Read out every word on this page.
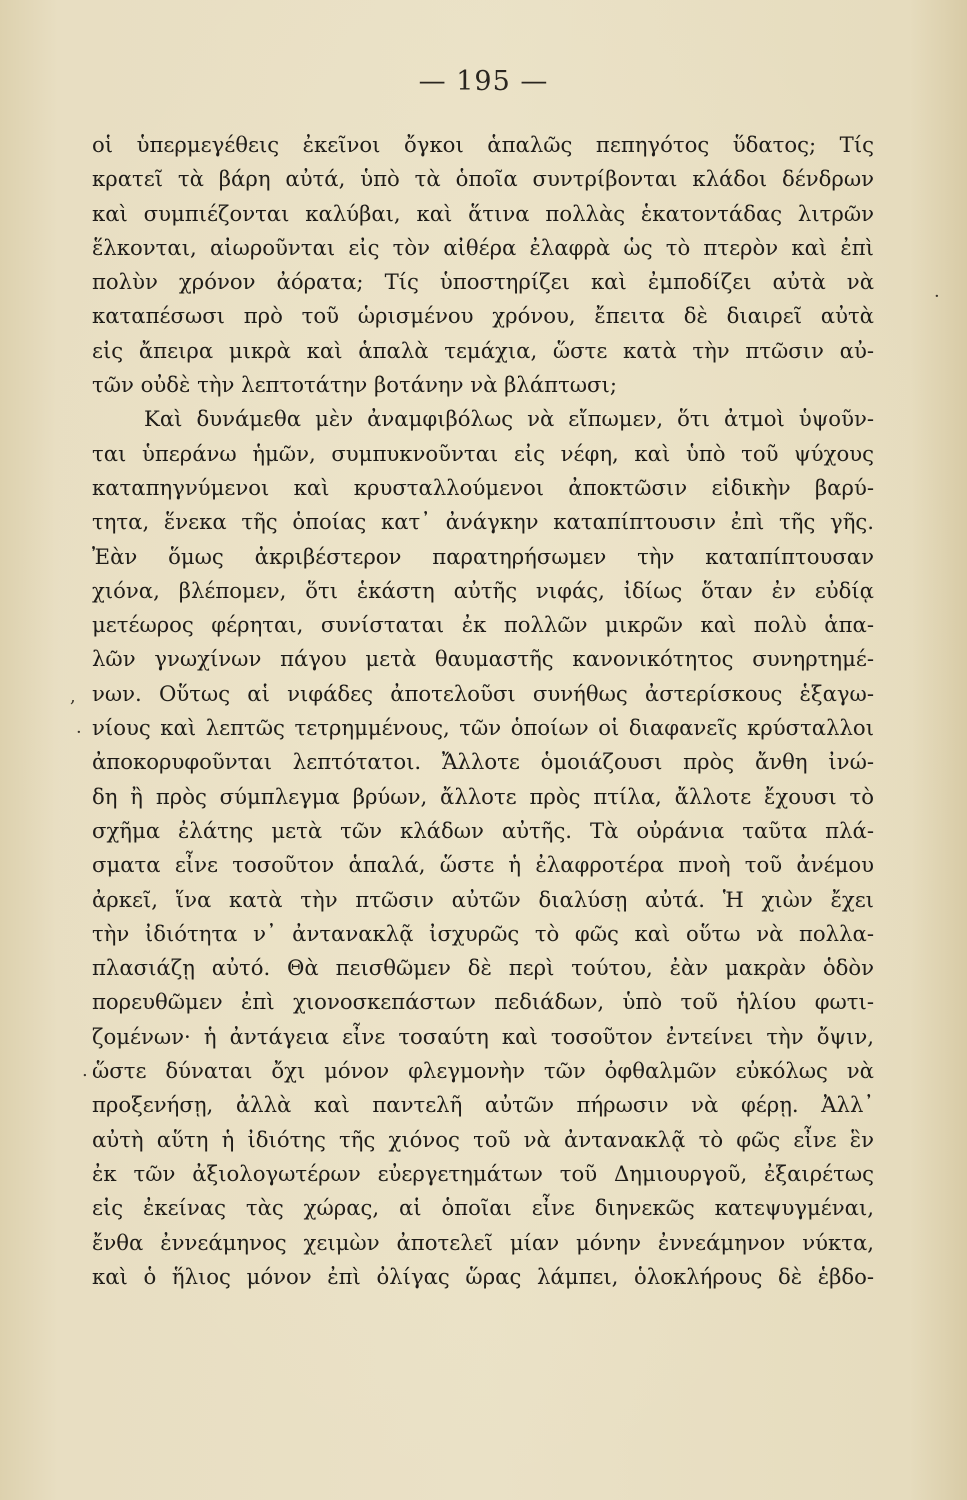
— 195 —
οἱ ὑπερμεγέθεις ἐκεῖνοι ὄγκοι ἁπαλῶς πεπηγότος ὕδατος; Τίς
κρατεῖ τὰ βάρη αὐτά, ὑπὸ τὰ ὁποῖα συντρίβονται κλάδοι δένδρων
καὶ συμπιέζονται καλύβαι, καὶ ἅτινα πολλὰς ἑκατοντάδας λιτρῶν
ἕλκονται, αἰωροῦνται εἰς τὸν αἰθέρα ἐλαφρὰ ὡς τὸ πτερὸν καὶ ἐπὶ
πολὺν χρόνον ἀόρατα; Τίς ὑποστηρίζει καὶ ἐμποδίζει αὐτὰ νὰ
καταπέσωσι πρὸ τοῦ ὡρισμένου χρόνου, ἔπειτα δὲ διαιρεῖ αὐτὰ
εἰς ἄπειρα μικρὰ καὶ ἁπαλὰ τεμάχια, ὥστε κατὰ τὴν πτῶσιν αὐ-
τῶν οὐδὲ τὴν λεπτοτάτην βοτάνην νὰ βλάπτωσι;
Καὶ δυνάμεθα μὲν ἀναμφιβόλως νὰ εἴπωμεν, ὅτι ἀτμοὶ ὑψοῦν-
ται ὑπεράνω ἡμῶν, συμπυκνοῦνται εἰς νέφη, καὶ ὑπὸ τοῦ ψύχους
καταπηγνύμενοι καὶ κρυσταλλούμενοι ἀποκτῶσιν εἰδικὴν βαρύ-
τητα, ἕνεκα τῆς ὁποίας κατ᾽ ἀνάγκην καταπίπτουσιν ἐπὶ τῆς γῆς.
Ἐὰν ὅμως ἀκριβέστερον παρατηρήσωμεν τὴν καταπίπτουσαν
χιόνα, βλέπομεν, ὅτι ἑκάστη αὐτῆς νιφάς, ἰδίως ὅταν ἐν εὐδίᾳ
μετέωρος φέρηται, συνίσταται ἐκ πολλῶν μικρῶν καὶ πολὺ ἁπα-
λῶν γνωχίνων πάγου μετὰ θαυμαστῆς κανονικότητος συνηρτημέ-
νων. Οὕτως αἱ νιφάδες ἀποτελοῦσι συνήθως ἀστερίσκους ἑξαγω-
νίους καὶ λεπτῶς τετρημμένους, τῶν ὁποίων οἱ διαφανεῖς κρύσταλλοι
ἀποκορυφοῦνται λεπτότατοι. Ἄλλοτε ὁμοιάζουσι πρὸς ἄνθη ἰνώ-
δη ἢ πρὸς σύμπλεγμα βρύων, ἄλλοτε πρὸς πτίλα, ἄλλοτε ἔχουσι τὸ
σχῆμα ἐλάτης μετὰ τῶν κλάδων αὐτῆς. Τὰ οὐράνια ταῦτα πλά-
σματα εἶνε τοσοῦτον ἁπαλά, ὥστε ἡ ἐλαφροτέρα πνοὴ τοῦ ἀνέμου
ἀρκεῖ, ἵνα κατὰ τὴν πτῶσιν αὐτῶν διαλύσῃ αὐτά. Ἡ χιὼν ἔχει
τὴν ἰδιότητα ν᾽ ἀντανακλᾷ ἰσχυρῶς τὸ φῶς καὶ οὕτω νὰ πολλα-
πλασιάζῃ αὐτό. Θὰ πεισθῶμεν δὲ περὶ τούτου, ἐὰν μακρὰν ὁδὸν
πορευθῶμεν ἐπὶ χιονοσκεπάστων πεδιάδων, ὑπὸ τοῦ ἡλίου φωτι-
ζομένων· ἡ ἀντάγεια εἶνε τοσαύτη καὶ τοσοῦτον ἐντείνει τὴν ὄψιν,
ὥστε δύναται ὄχι μόνον φλεγμονὴν τῶν ὀφθαλμῶν εὐκόλως νὰ
προξενήσῃ, ἀλλὰ καὶ παντελῆ αὐτῶν πήρωσιν νὰ φέρῃ. Ἀλλ᾽
αὐτὴ αὕτη ἡ ἰδιότης τῆς χιόνος τοῦ νὰ ἀντανακλᾷ τὸ φῶς εἶνε ἓν
ἐκ τῶν ἀξιολογωτέρων εὐεργετημάτων τοῦ Δημιουργοῦ, ἐξαιρέτως
εἰς ἐκείνας τὰς χώρας, αἱ ὁποῖαι εἶνε διηνεκῶς κατεψυγμέναι,
ἔνθα ἐννεάμηνος χειμὼν ἀποτελεῖ μίαν μόνην ἐννεάμηνον νύκτα,
καὶ ὁ ἥλιος μόνον ἐπὶ ὀλίγας ὥρας λάμπει, ὁλοκλήρους δὲ ἑβδο-
·
,
·
.
